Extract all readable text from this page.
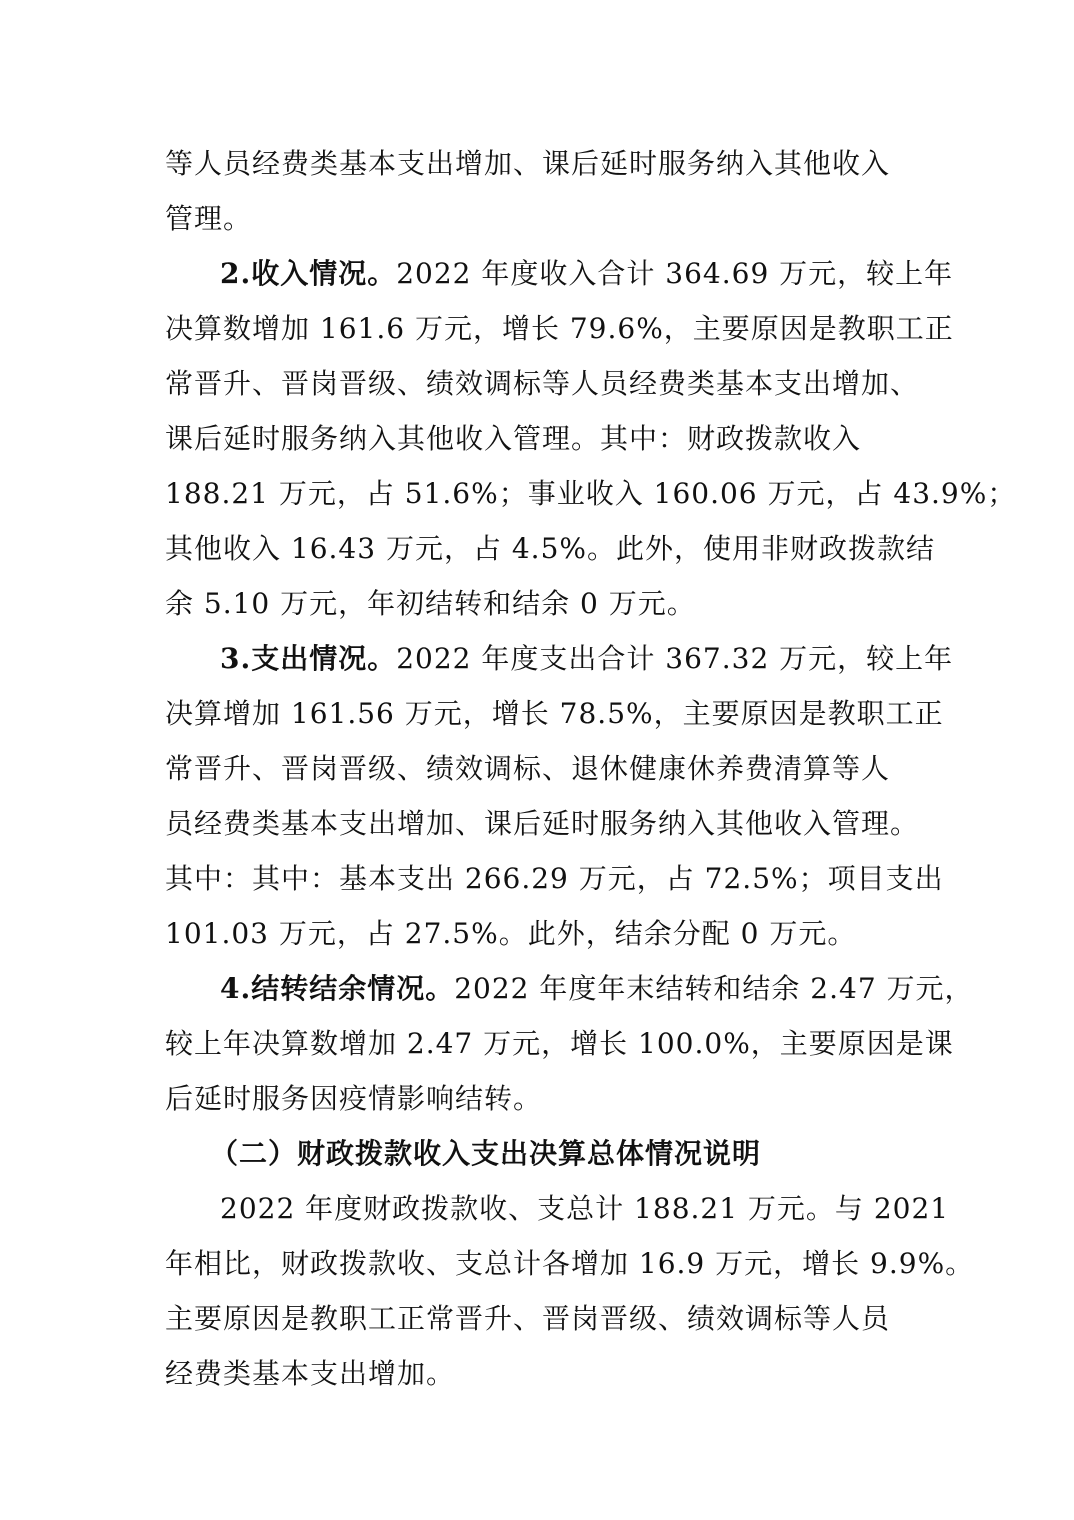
等人员经费类基本支出增加、课后延时服务纳入其他收入
管理。
2.收入情况。2022 年度收入合计 364.69 万元，较上年
决算数增加 161.6 万元，增长 79.6%，主要原因是教职工正
常晋升、晋岗晋级、绩效调标等人员经费类基本支出增加、
课后延时服务纳入其他收入管理。其中：财政拨款收入
188.21 万元，占 51.6%；事业收入 160.06 万元，占 43.9%；
其他收入 16.43 万元，占 4.5%。此外，使用非财政拨款结
余 5.10 万元，年初结转和结余 0 万元。
3.支出情况。2022 年度支出合计 367.32 万元，较上年
决算增加 161.56 万元，增长 78.5%，主要原因是教职工正
常晋升、晋岗晋级、绩效调标、退休健康休养费清算等人
员经费类基本支出增加、课后延时服务纳入其他收入管理。
其中：其中：基本支出 266.29 万元，占 72.5%；项目支出
101.03 万元，占 27.5%。此外，结余分配 0 万元。
4.结转结余情况。2022 年度年末结转和结余 2.47 万元，
较上年决算数增加 2.47 万元，增长 100.0%，主要原因是课
后延时服务因疫情影响结转。
（二）财政拨款收入支出决算总体情况说明
2022 年度财政拨款收、支总计 188.21 万元。与 2021
年相比，财政拨款收、支总计各增加 16.9 万元，增长 9.9%。
主要原因是教职工正常晋升、晋岗晋级、绩效调标等人员
经费类基本支出增加。
